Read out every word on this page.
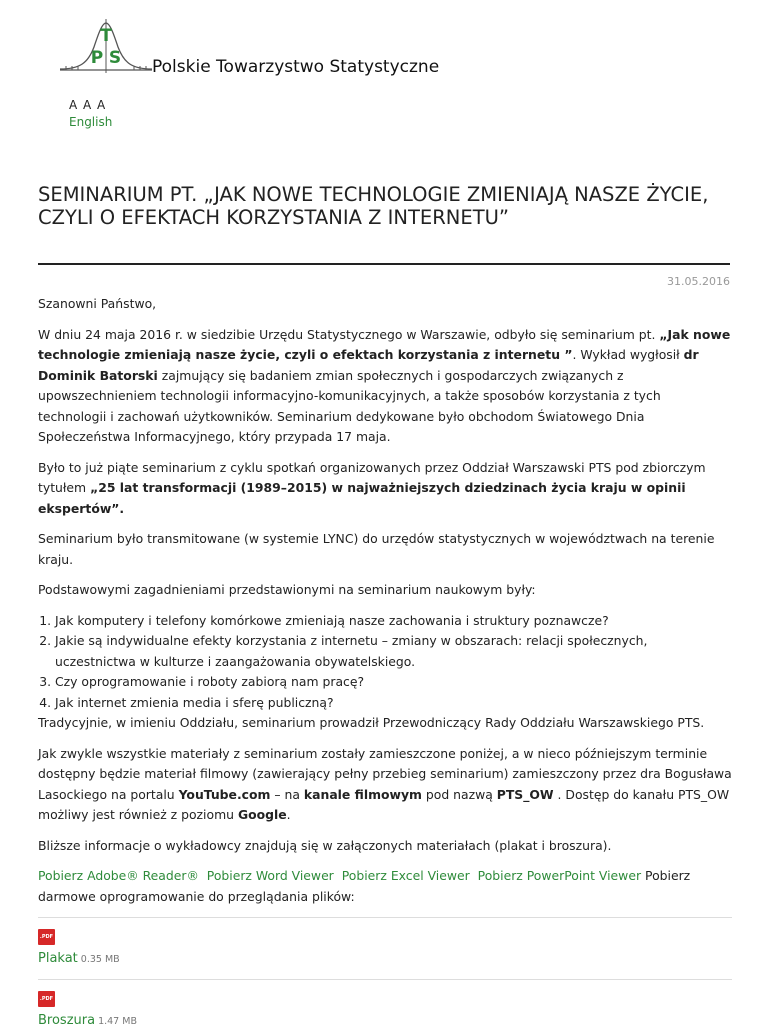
T
P S Polskie Towarzystwo Statystyczne
A A A
English
SEMINARIUM PT. „JAK NOWE TECHNOLOGIE ZMIENIAJĄ NASZE ŻYCIE, CZYLI O EFEKTACH KORZYSTANIA Z INTERNETU”
31.05.2016

Szanowni Państwo,

W dniu 24 maja 2016 r. w siedzibie Urzędu Statystycznego w Warszawie, odbyło się seminarium pt. „Jak nowe technologie zmieniają nasze życie, czyli o efektach korzystania z internetu ”. Wykład wygłosił dr Dominik Batorski zajmujący się badaniem zmian społecznych i gospodarczych związanych z upowszechnieniem technologii informacyjno-komunikacyjnych, a także sposobów korzystania z tych technologii i zachowań użytkowników. Seminarium dedykowane było obchodom Światowego Dnia Społeczeństwa Informacyjnego, który przypada 17 maja.

Było to już piąte seminarium z cyklu spotkań organizowanych przez Oddział Warszawski PTS pod zbiorczym tytułem „25 lat transformacji (1989–2015) w najważniejszych dziedzinach życia kraju w opinii ekspertów”.

Seminarium było transmitowane (w systemie LYNC) do urzędów statystycznych w województwach na terenie kraju.

Podstawowymi zagadnieniami przedstawionymi na seminarium naukowym były:

1. Jak komputery i telefony komórkowe zmieniają nasze zachowania i struktury poznawcze?
2. Jakie są indywidualne efekty korzystania z internetu – zmiany w obszarach: relacji społecznych, uczestnictwa w kulturze i zaangażowania obywatelskiego.
3. Czy oprogramowanie i roboty zabiorą nam pracę?
4. Jak internet zmienia media i sferę publiczną?

Tradycyjnie, w imieniu Oddziału, seminarium prowadził Przewodniczący Rady Oddziału Warszawskiego PTS.

Jak zwykle wszystkie materiały z seminarium zostały zamieszczone poniżej, a w nieco późniejszym terminie dostępny będzie materiał filmowy (zawierający pełny przebieg seminarium) zamieszczony przez dra Bogusława Lasockiego na portalu YouTube.com – na kanale filmowym pod nazwą PTS_OW . Dostęp do kanału PTS_OW możliwy jest również z poziomu Google.

Bliższe informacje o wykładowcy znajdują się w załączonych materiałach (plakat i broszura).

Pobierz Adobe® Reader® Pobierz Word Viewer Pobierz Excel Viewer Pobierz PowerPoint Viewer Pobierz darmowe oprogramowanie do przeglądania plików:

.PDF
Plakat 0.35 MB
.PDF
Broszura 1.47 MB
